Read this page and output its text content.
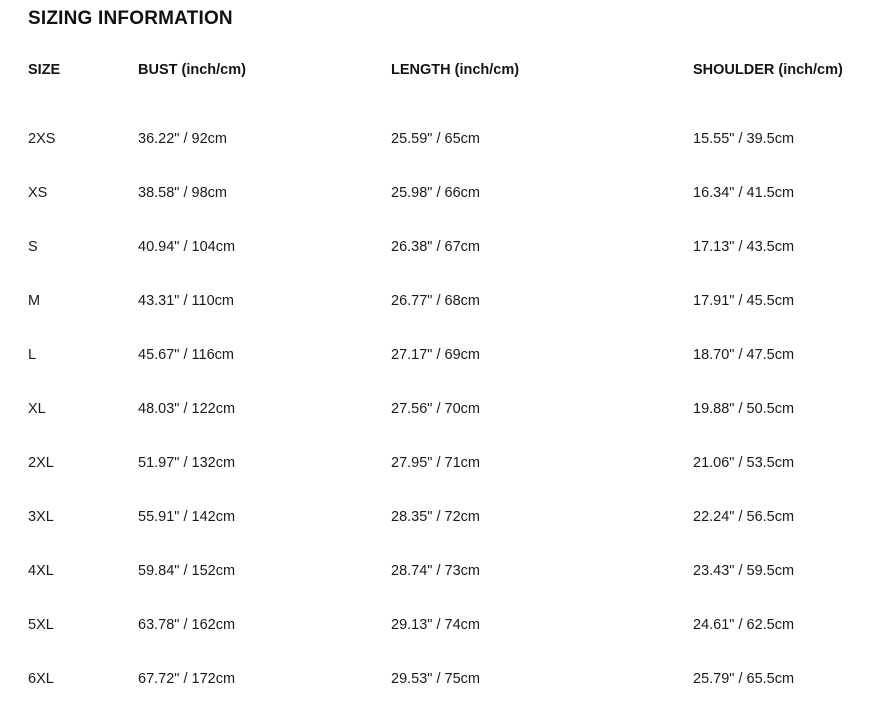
SIZING INFORMATION
SIZE	BUST (inch/cm)	LENGTH (inch/cm)	SHOULDER (inch/cm)
2XS	36.22" / 92cm	25.59" / 65cm	15.55" / 39.5cm
XS	38.58" / 98cm	25.98" / 66cm	16.34" / 41.5cm
S	40.94" / 104cm	26.38" / 67cm	17.13" / 43.5cm
M	43.31" / 110cm	26.77" / 68cm	17.91" / 45.5cm
L	45.67" / 116cm	27.17" / 69cm	18.70" / 47.5cm
XL	48.03" / 122cm	27.56" / 70cm	19.88" / 50.5cm
2XL	51.97" / 132cm	27.95" / 71cm	21.06" / 53.5cm
3XL	55.91" / 142cm	28.35" / 72cm	22.24" / 56.5cm
4XL	59.84" / 152cm	28.74" / 73cm	23.43" / 59.5cm
5XL	63.78" / 162cm	29.13" / 74cm	24.61" / 62.5cm
6XL	67.72" / 172cm	29.53" / 75cm	25.79" / 65.5cm
